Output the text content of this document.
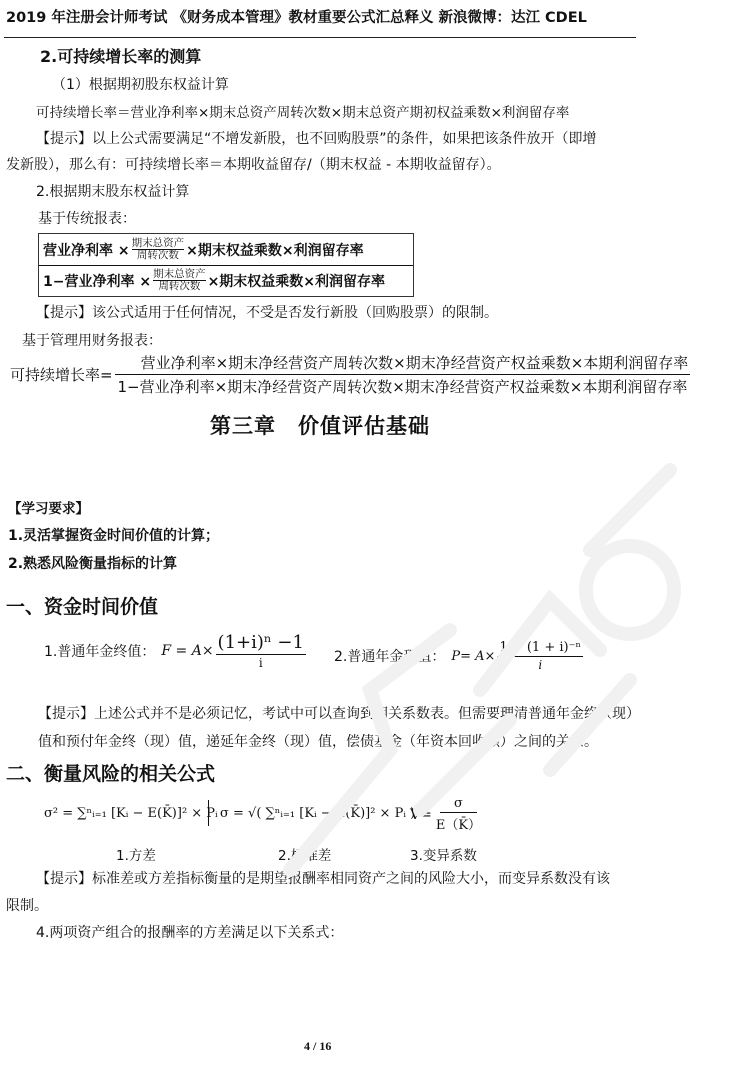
2019 年注册会计师考试 《财务成本管理》教材重要公式汇总释义 新浪微博：达江 CDEL
2.可持续增长率的测算
（1）根据期初股东权益计算
可持续增长率＝营业净利率×期末总资产周转次数×期末总资产期初权益乘数×利润留存率
【提示】以上公式需要满足“不增发新股，也不回购股票”的条件，如果把该条件放开（即增
发新股），那么有：可持续增长率＝本期收益留存/（期末权益 - 本期收益留存）。
2.根据期末股东权益计算
基于传统报表：
营业净利率 × 期末总资产
周转次数 ×期末权益乘数×利润留存率
1−营业净利率 × 期末总资产
周转次数 ×期末权益乘数×利润留存率
【提示】该公式适用于任何情况，不受是否发行新股（回购股票）的限制。
基于管理用财务报表：
可持续增长率= $\frac{\text{营业净利率×期末净经营资产周转次数×期末净经营资产权益乘数×本期利润留存率}}{\text{1−营业净利率×期末净经营资产周转次数×期末净经营资产权益乘数×本期利润留存率}}$
第三章　价值评估基础
【学习要求】
1.灵活掌握资金时间价值的计算；
2.熟悉风险衡量指标的计算
一、资金时间价值
1.普通年金终值： $F = A\times \frac{\text{(1+i)ⁿ −1}}{i} 2$.普通年金现值： $P= A\times \frac{\text{1 − (1 + i)⁻ⁿ}}{i}$
【提示】上述公式并不是必须记忆，考试中可以查询到相关系数表。但需要理清普通年金终（现）
值和预付年金终（现）值，递延年金终（现）值，偿债基金（年资本回收额）之间的关系。
二、衡量风险的相关公式
σ² = ∑ⁿᵢ₌₁ [Kᵢ − E(K̄)]² × Pᵢ σ = √( ∑ⁿᵢ₌₁ [Kᵢ − E(K̄)]² × Pᵢ )
$V= \frac{\sigma}{E(K̄)}$
1.方差	2.标准差	3.变异系数
【提示】标准差或方差指标衡量的是期望报酬率相同资产之间的风险大小，而变异系数没有该
限制。
4.两项资产组合的报酬率的方差满足以下关系式：
4 / 16
